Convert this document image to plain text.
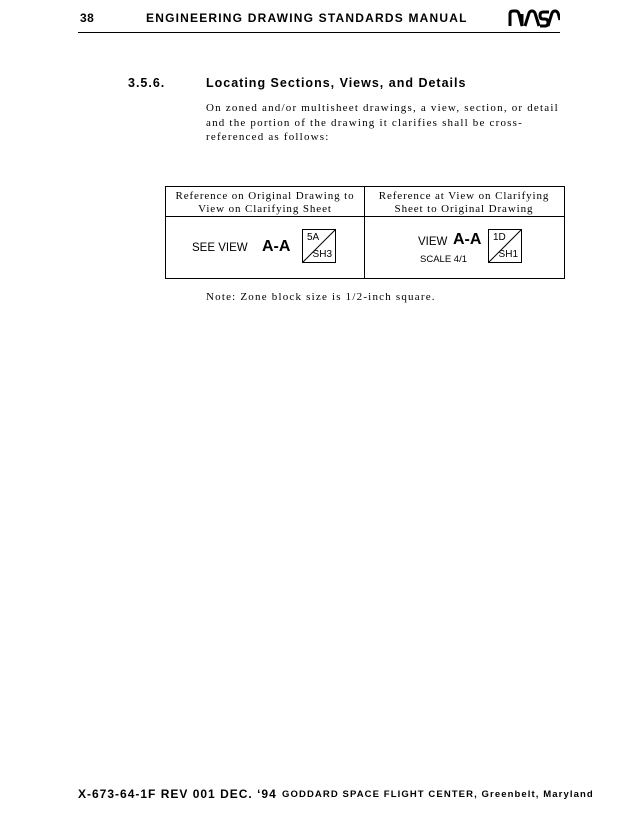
38	ENGINEERING DRAWING STANDARDS MANUAL
3.5.6.	Locating Sections, Views, and Details

On zoned and/or multisheet drawings, a view, section, or detail and the portion of the drawing it clarifies shall be cross-referenced as follows:

Reference on Original Drawing to View on Clarifying Sheet
Reference at View on Clarifying Sheet to Original Drawing
SEE VIEW A-A
5A
SH3
VIEW A-A
SCALE 4/1
1D
SH1

Note: Zone block size is 1/2-inch square.

X-673-64-1F REV 001 DEC. ‘94 GODDARD SPACE FLIGHT CENTER, Greenbelt, Maryland
